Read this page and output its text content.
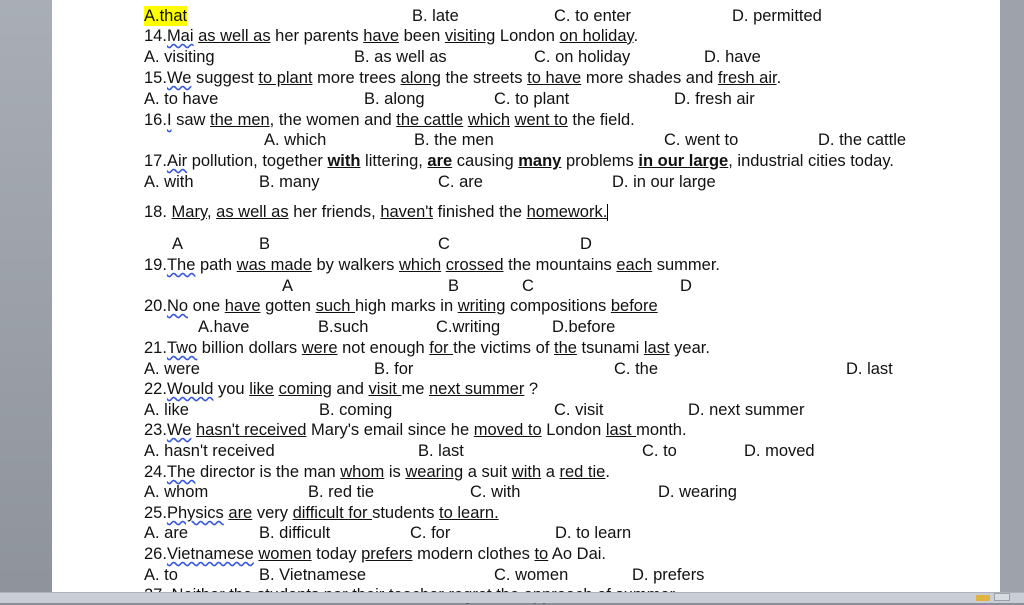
A.that	B. late	C. to enter	D. permitted
14.Mai as well as her parents have been visiting London on holiday.
A. visiting	B. as well as	C. on holiday	D. have
15.We suggest to plant more trees along the streets to have more shades and fresh air.
A. to have	B. along	C. to plant	D. fresh air
16.I saw the men, the women and the cattle which went to the field.
A. which	B. the men	C. went to	D. the cattle
17.Air pollution, together with littering, are causing many problems in our large, industrial cities today.
A. with	B. many	C. are	D. in our large
18. Mary, as well as her friends, haven't finished the homework.
A	B	C	D
19.The path was made by walkers which crossed the mountains each summer.
A	B	C	D
20.No one have gotten such high marks in writing compositions before
A.have	B.such	C.writing	D.before
21.Two billion dollars were not enough for the victims of the tsunami last year.
A. were	B. for	C. the	D. last
22.Would you like coming and visit me next summer ?
A. like	B. coming	C. visit	D. next summer
23.We hasn't received Mary's email since he moved to London last month.
A. hasn't received	B. last	C. to	D. moved
24.The director is the man whom is wearing a suit with a red tie.
A. whom	B. red tie	C. with	D. wearing
25.Physics are very difficult for students to learn.
A. are	B. difficult	C. for	D. to learn
26.Vietnamese women today prefers modern clothes to Ao Dai.
A. to	B. Vietnamese	C. women	D. prefers
